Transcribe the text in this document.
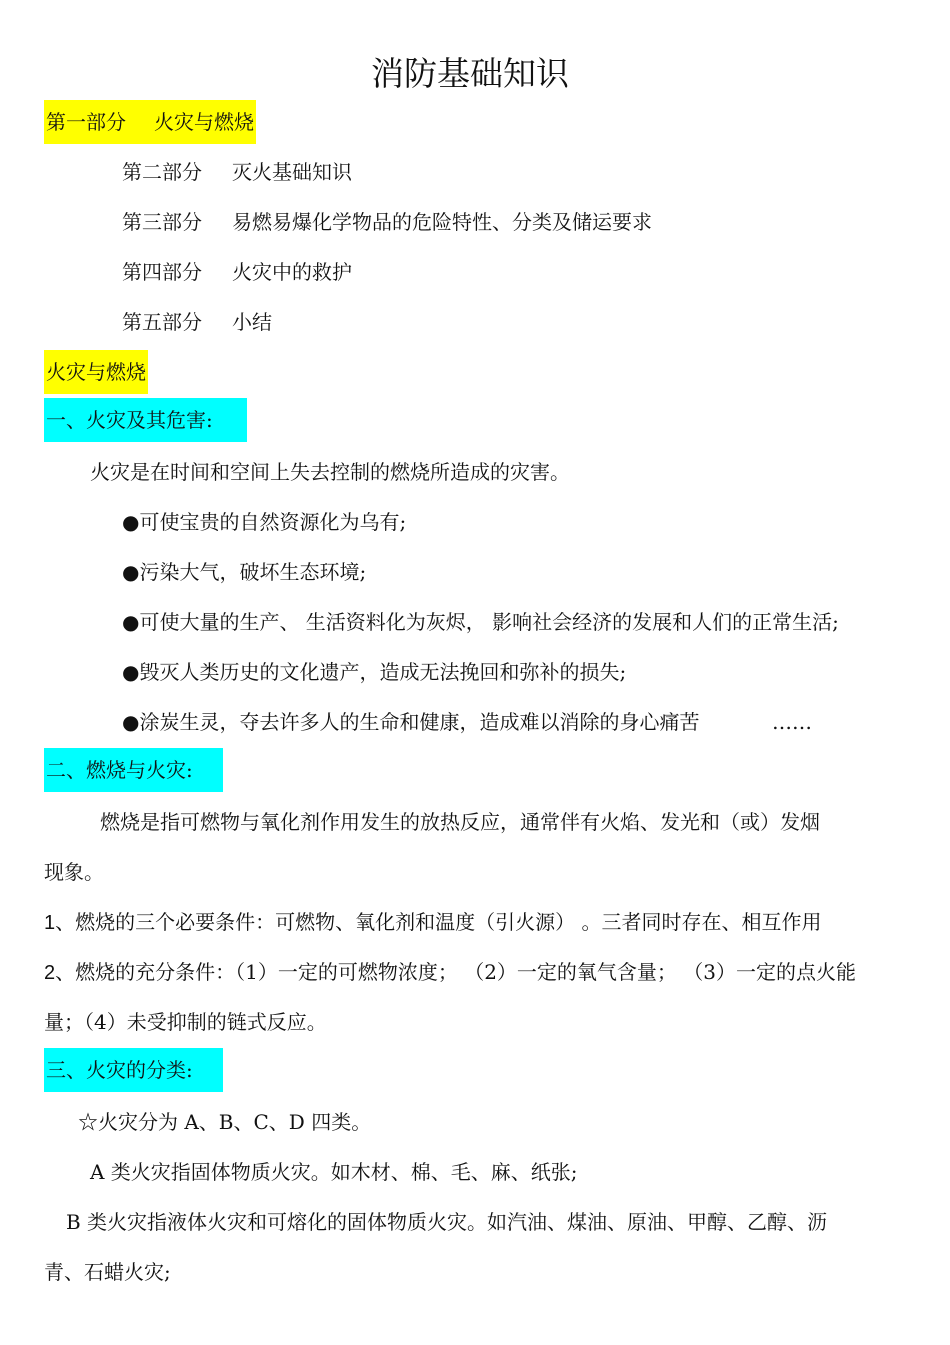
消防基础知识
第一部分 火灾与燃烧
第二部分 灭火基础知识
第三部分 易燃易爆化学物品的危险特性、分类及储运要求
第四部分 火灾中的救护
第五部分 小结
火灾与燃烧
一、火灾及其危害:
火灾是在时间和空间上失去控制的燃烧所造成的灾害。
●可使宝贵的自然资源化为乌有;
●污染大气，破坏生态环境;
●可使大量的生产、 生活资料化为灰烬， 影响社会经济的发展和人们的正常生活;
●毁灭人类历史的文化遗产，造成无法挽回和弥补的损失;
●涂炭生灵，夺去许多人的生命和健康，造成难以消除的身心痛苦	……
二、燃烧与火灾:
燃烧是指可燃物与氧化剂作用发生的放热反应，通常伴有火焰、发光和（或）发烟
现象。
1、燃烧的三个必要条件：可燃物、氧化剂和温度（引火源） 。三者同时存在、相互作用
2、燃烧的充分条件：（1）一定的可燃物浓度； （2）一定的氧气含量； （3）一定的点火能
量；（4）未受抑制的链式反应。
三、火灾的分类:
☆火灾分为 A、B、C、D 四类。
A 类火灾指固体物质火灾。如木材、棉、毛、麻、纸张;
B 类火灾指液体火灾和可熔化的固体物质火灾。如汽油、煤油、原油、甲醇、乙醇、沥
青、石蜡火灾;
